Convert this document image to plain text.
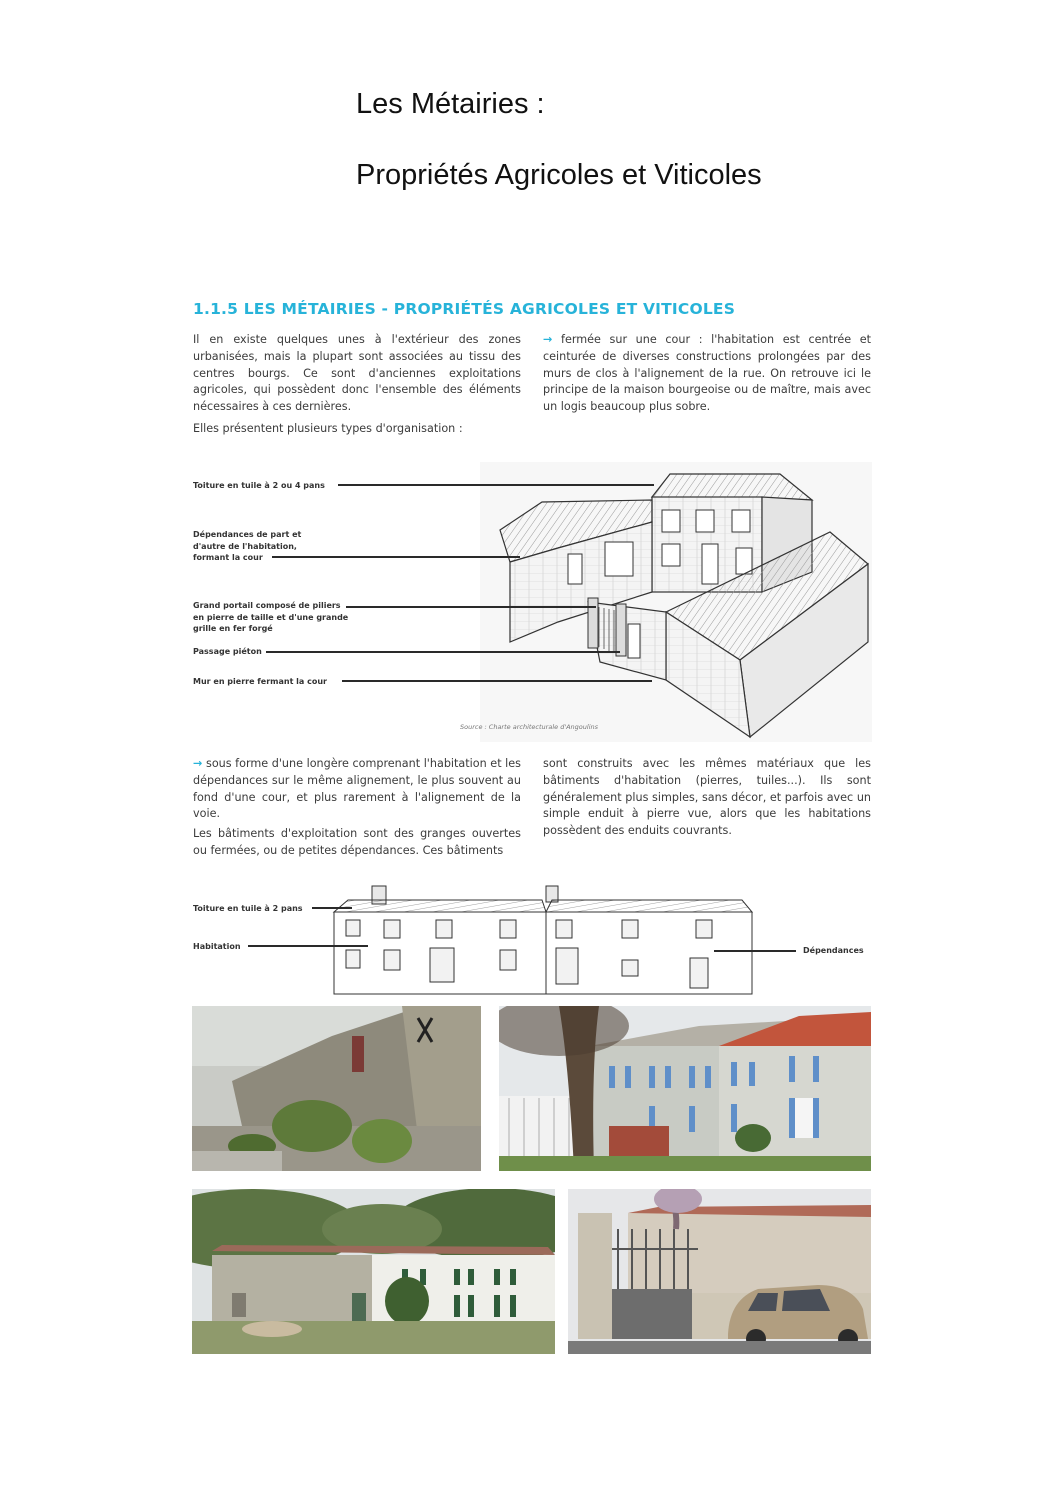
Les Métairies :
Propriétés Agricoles et Viticoles
1.1.5 LES MÉTAIRIES - PROPRIÉTÉS AGRICOLES ET VITICOLES
Il en existe quelques unes à l'extérieur des zones urbanisées, mais la plupart sont associées au tissu des centres bourgs. Ce sont d'anciennes exploitations agricoles, qui possèdent donc l'ensemble des éléments nécessaires à ces dernières.
Elles présentent plusieurs types d'organisation :
→ fermée sur une cour : l'habitation est centrée et ceinturée de diverses constructions prolongées par des murs de clos à l'alignement de la rue. On retrouve ici le principe de la maison bourgeoise ou de maître, mais avec un logis beaucoup plus sobre.
Toiture en tuile à 2 ou 4 pans
Dépendances de part et d'autre de l'habitation, formant la cour
Grand portail composé de piliers en pierre de taille et d'une grande grille en fer forgé
Passage piéton
Mur en pierre fermant la cour
Source : Charte architecturale d'Angoulins
→ sous forme d'une longère comprenant l'habitation et les dépendances sur le même alignement, le plus souvent au fond d'une cour, et plus rarement à l'alignement de la voie.
Les bâtiments d'exploitation sont des granges ouvertes ou fermées, ou de petites dépendances. Ces bâtiments
sont construits avec les mêmes matériaux que les bâtiments d'habitation (pierres, tuiles...). Ils sont généralement plus simples, sans décor, et parfois avec un simple enduit à pierre vue, alors que les habitations possèdent des enduits couvrants.
Toiture en tuile à 2 pans
Habitation	Dépendances
